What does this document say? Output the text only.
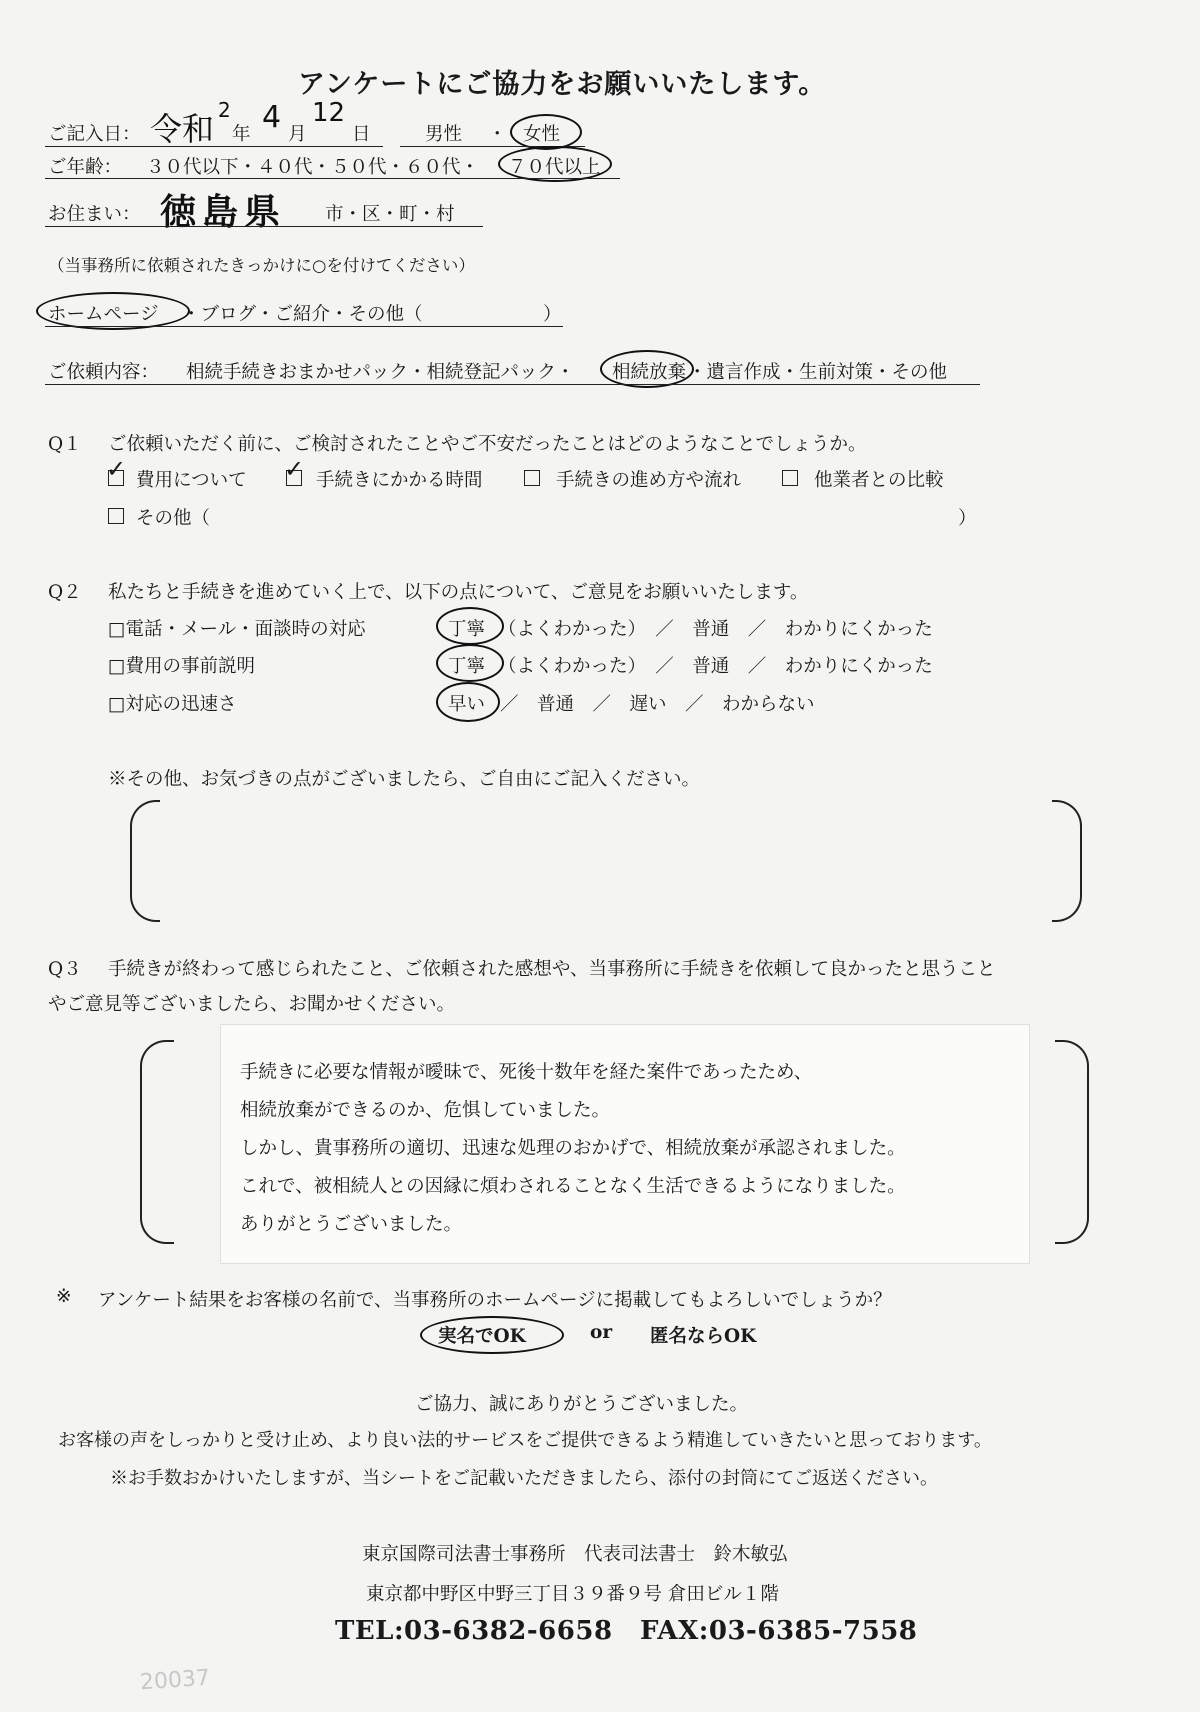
アンケートにご協力をお願いいたします。
ご記入日： 令和 2
年 4 月
12
日	男性 ・ 女性
ご年齢： ３０代以下・４０代・５０代・６０代・ ７０代以上
お住まい： 徳島県 市・区・町・村
（当事務所に依頼されたきっかけに○を付けてください）
ホームページ ・ブログ・ご紹介・その他（	）
ご依頼内容： 相続手続きおまかせパック・相続登記パック・ 相続放棄 ・遺言作成・生前対策・その他
Q１ ご依頼いただく前に、ご検討されたことやご不安だったことはどのようなことでしょうか。
✓ 費用について ✓ 手続きにかかる時間	手続きの進め方や流れ	他業者との比較
その他（	）
Q２ 私たちと手続きを進めていく上で、以下の点について、ご意見をお願いいたします。
□電話・メール・面談時の対応	丁寧 （よくわかった）　／　普通　／　わかりにくかった
□費用の事前説明	丁寧 （よくわかった）　／　普通　／　わかりにくかった
□対応の迅速さ	早い ／　普通　／　遅い　／　わからない
※その他、お気づきの点がございましたら、ご自由にご記入ください。
Q３ 手続きが終わって感じられたこと、ご依頼された感想や、当事務所に手続きを依頼して良かったと思うこと
やご意見等ございましたら、お聞かせください。
手続きに必要な情報が曖昧で、死後十数年を経た案件であったため、
相続放棄ができるのか、危惧していました。
しかし、貴事務所の適切、迅速な処理のおかげで、相続放棄が承認されました。
これで、被相続人との因縁に煩わされることなく生活できるようになりました。
ありがとうございました。
※ アンケート結果をお客様の名前で、当事務所のホームページに掲載してもよろしいでしょうか？
実名でOK	or 匿名ならOK
ご協力、誠にありがとうございました。
お客様の声をしっかりと受け止め、より良い法的サービスをご提供できるよう精進していきたいと思っております。
※お手数おかけいたしますが、当シートをご記載いただきましたら、添付の封筒にてご返送ください。
東京国際司法書士事務所　代表司法書士　鈴木敏弘
東京都中野区中野三丁目３９番９号 倉田ビル１階
TEL:03-6382-6658 FAX:03-6385-7558
20037
